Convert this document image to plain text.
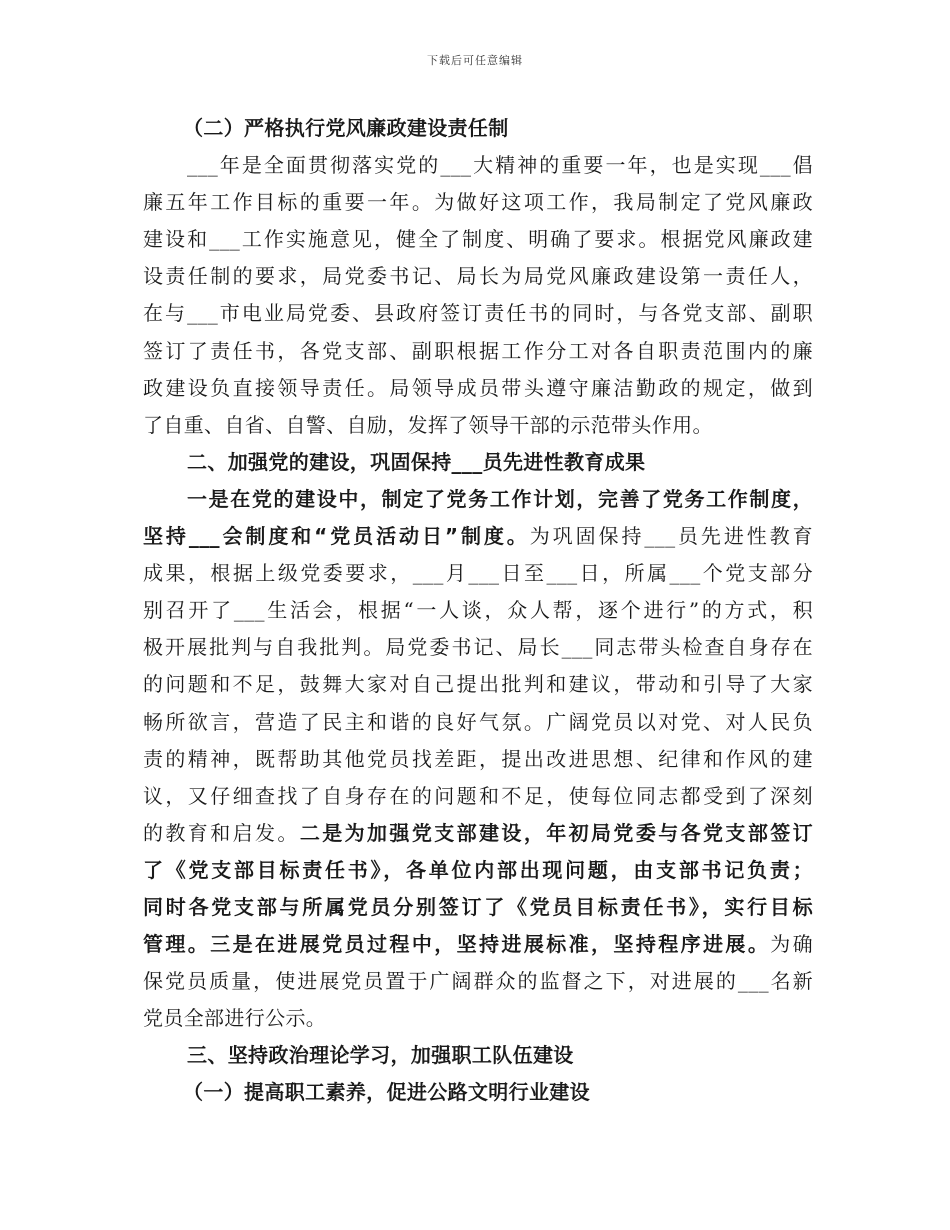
下载后可任意编辑
（二）严格执行党风廉政建设责任制
___年是全面贯彻落实党的___大精神的重要一年，也是实现___倡
廉五年工作目标的重要一年。为做好这项工作，我局制定了党风廉政
建设和___工作实施意见，健全了制度、明确了要求。根据党风廉政建
设责任制的要求，局党委书记、局长为局党风廉政建设第一责任人，
在与___市电业局党委、县政府签订责任书的同时，与各党支部、副职
签订了责任书，各党支部、副职根据工作分工对各自职责范围内的廉
政建设负直接领导责任。局领导成员带头遵守廉洁勤政的规定，做到
了自重、自省、自警、自励，发挥了领导干部的示范带头作用。
二、加强党的建设，巩固保持___员先进性教育成果
一是在党的建设中，制定了党务工作计划，完善了党务工作制度，
坚持___会制度和“党员活动日”制度。为巩固保持___员先进性教育
成果，根据上级党委要求，___月___日至___日，所属___个党支部分
别召开了___生活会，根据“一人谈，众人帮，逐个进行”的方式，积
极开展批判与自我批判。局党委书记、局长___同志带头检查自身存在
的问题和不足，鼓舞大家对自己提出批判和建议，带动和引导了大家
畅所欲言，营造了民主和谐的良好气氛。广阔党员以对党、对人民负
责的精神，既帮助其他党员找差距，提出改进思想、纪律和作风的建
议，又仔细查找了自身存在的问题和不足，使每位同志都受到了深刻
的教育和启发。二是为加强党支部建设，年初局党委与各党支部签订
了《党支部目标责任书》，各单位内部出现问题，由支部书记负责；
同时各党支部与所属党员分别签订了《党员目标责任书》，实行目标
管理。三是在进展党员过程中，坚持进展标准，坚持程序进展。为确
保党员质量，使进展党员置于广阔群众的监督之下，对进展的___名新
党员全部进行公示。
三、坚持政治理论学习，加强职工队伍建设
（一）提高职工素养，促进公路文明行业建设
